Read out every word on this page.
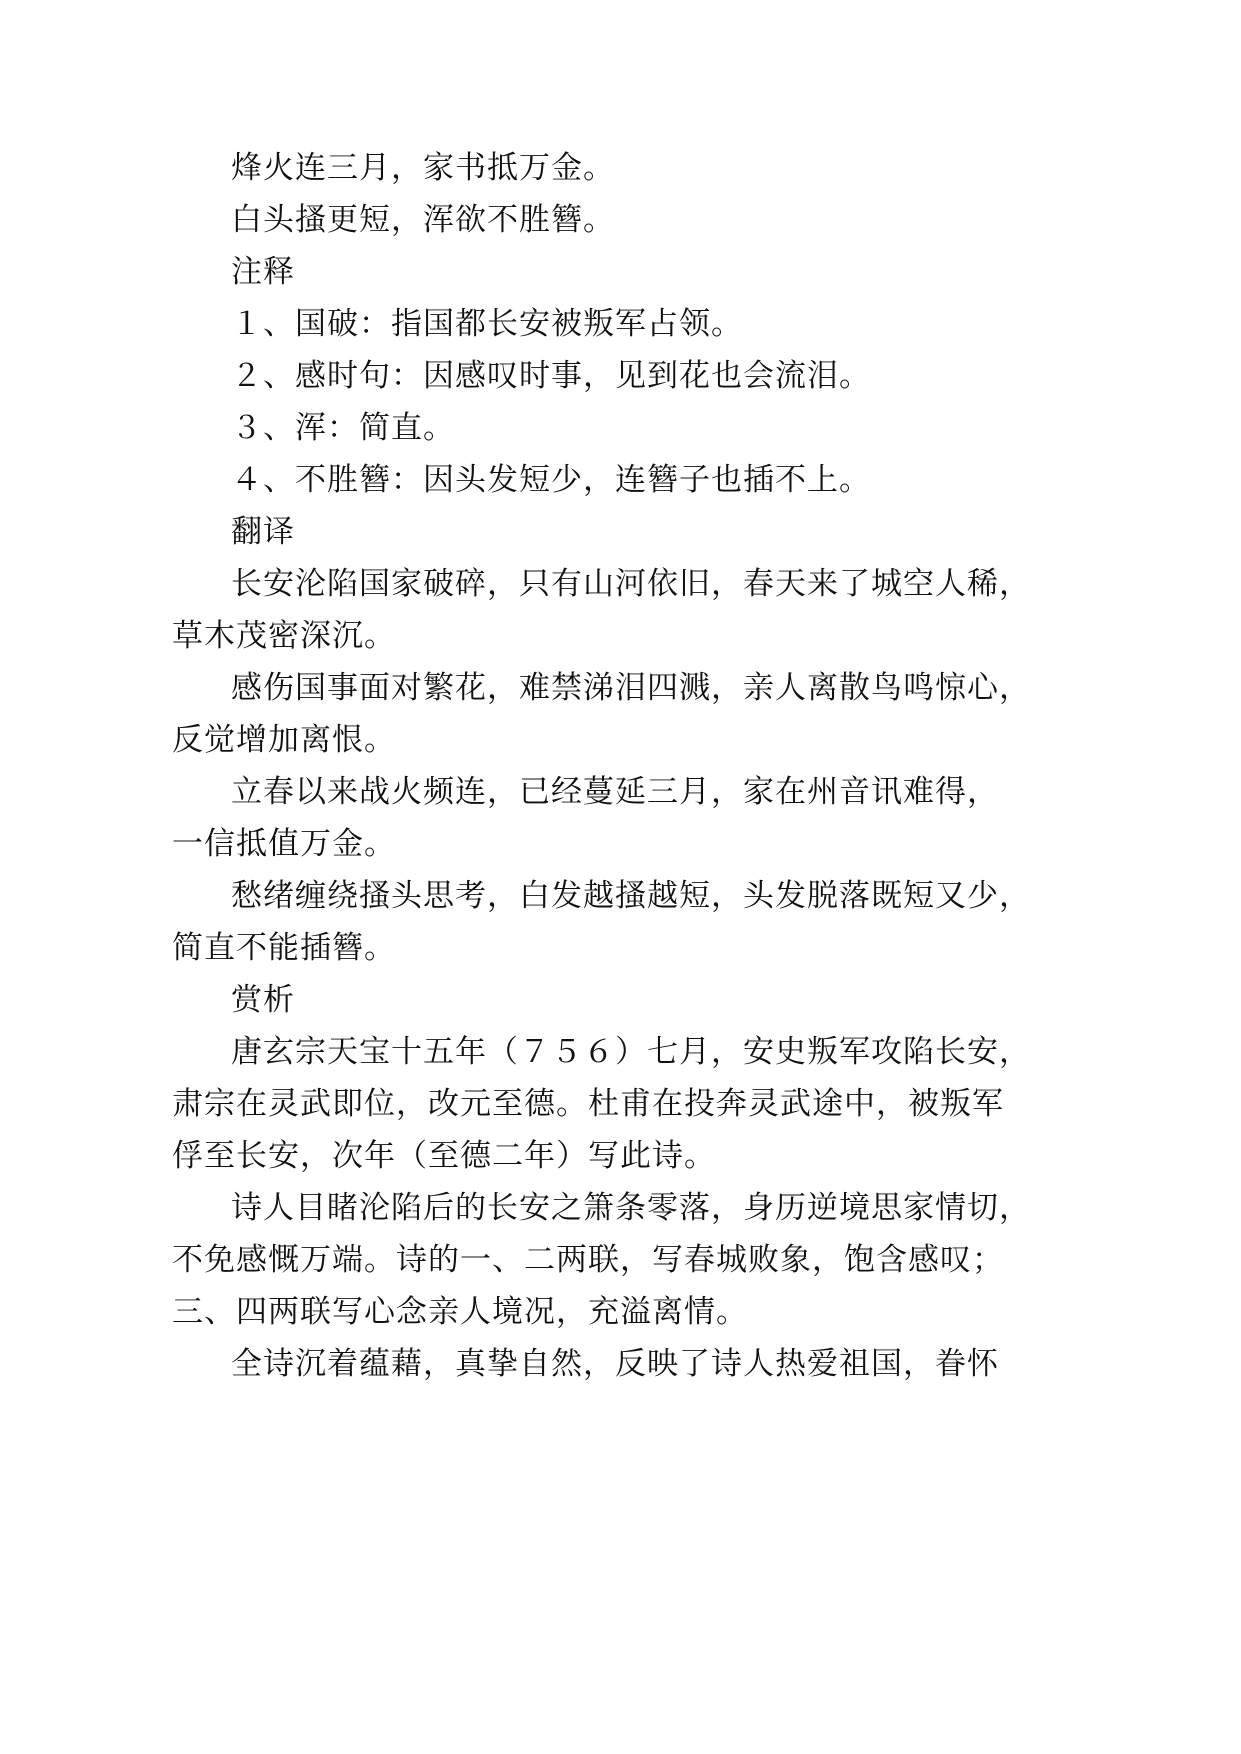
烽火连三月，家书抵万金。
白头搔更短，浑欲不胜簪。
注释
１、国破：指国都长安被叛军占领。
２、感时句：因感叹时事，见到花也会流泪。
３、浑：简直。
４、不胜簪：因头发短少，连簪子也插不上。
翻译
长安沦陷国家破碎，只有山河依旧，春天来了城空人稀，
草木茂密深沉。
感伤国事面对繁花，难禁涕泪四溅，亲人离散鸟鸣惊心，
反觉增加离恨。
立春以来战火频连，已经蔓延三月，家在州音讯难得，
一信抵值万金。
愁绪缠绕搔头思考，白发越搔越短，头发脱落既短又少，
简直不能插簪。
赏析
唐玄宗天宝十五年（７５６）七月，安史叛军攻陷长安，
肃宗在灵武即位，改元至德。杜甫在投奔灵武途中，被叛军
俘至长安，次年（至德二年）写此诗。
诗人目睹沦陷后的长安之箫条零落，身历逆境思家情切，
不免感慨万端。诗的一、二两联，写春城败象，饱含感叹；
三、四两联写心念亲人境况，充溢离情。
全诗沉着蕴藉，真挚自然，反映了诗人热爱祖国，眷怀
